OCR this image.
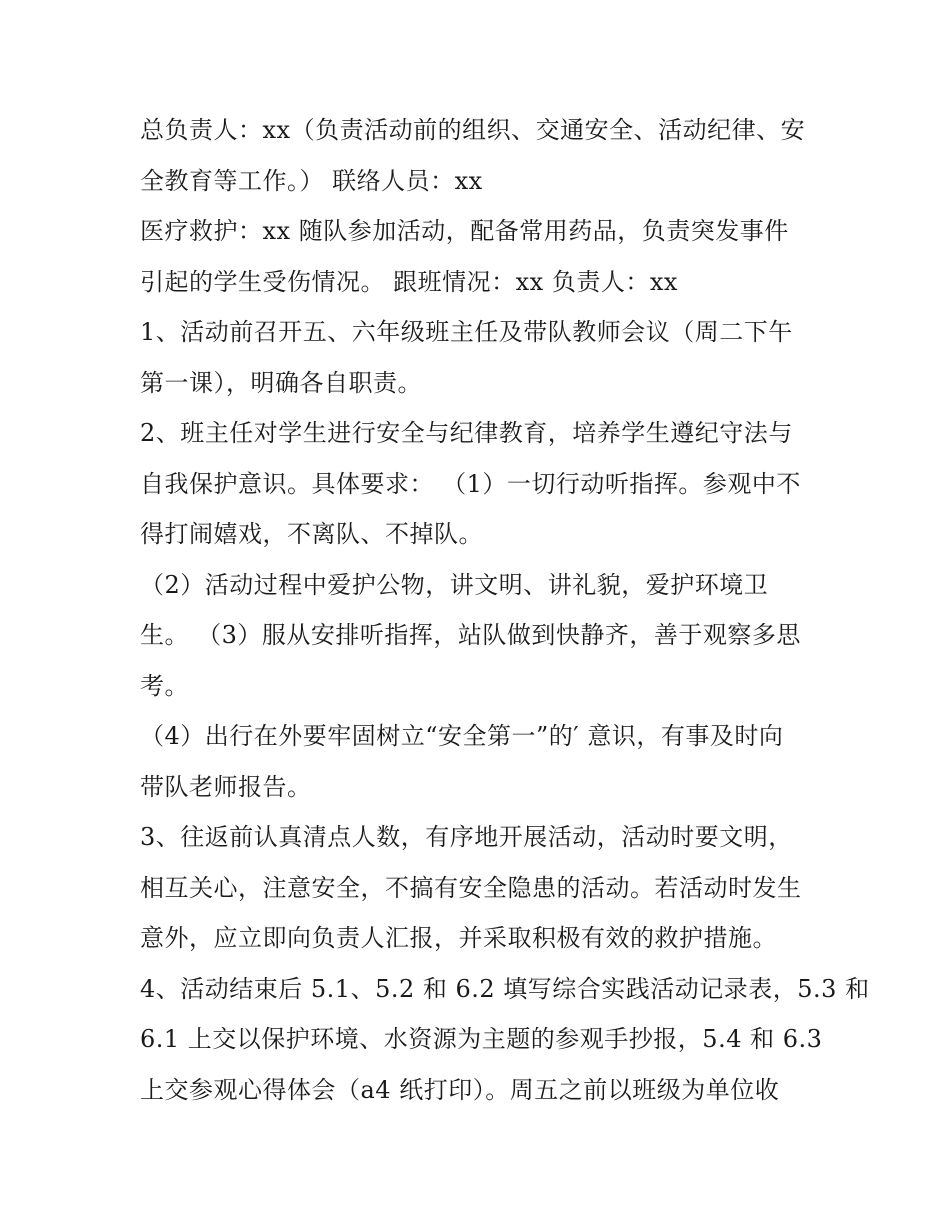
总负责人：xx（负责活动前的组织、交通安全、活动纪律、安
全教育等工作。） 联络人员：xx
医疗救护：xx 随队参加活动，配备常用药品，负责突发事件
引起的学生受伤情况。 跟班情况：xx 负责人：xx
1、活动前召开五、六年级班主任及带队教师会议（周二下午
第一课），明确各自职责。
2、班主任对学生进行安全与纪律教育，培养学生遵纪守法与
自我保护意识。具体要求： （1）一切行动听指挥。参观中不
得打闹嬉戏，不离队、不掉队。
（2）活动过程中爱护公物，讲文明、讲礼貌，爱护环境卫
生。 （3）服从安排听指挥，站队做到快静齐，善于观察多思
考。
（4）出行在外要牢固树立“安全第一”的′ 意识，有事及时向
带队老师报告。
3、往返前认真清点人数，有序地开展活动，活动时要文明，
相互关心，注意安全，不搞有安全隐患的活动。若活动时发生
意外，应立即向负责人汇报，并采取积极有效的救护措施。
4、活动结束后 5.1、5.2 和 6.2 填写综合实践活动记录表，5.3 和
6.1 上交以保护环境、水资源为主题的参观手抄报，5.4 和 6.3
上交参观心得体会（a4 纸打印）。周五之前以班级为单位收
